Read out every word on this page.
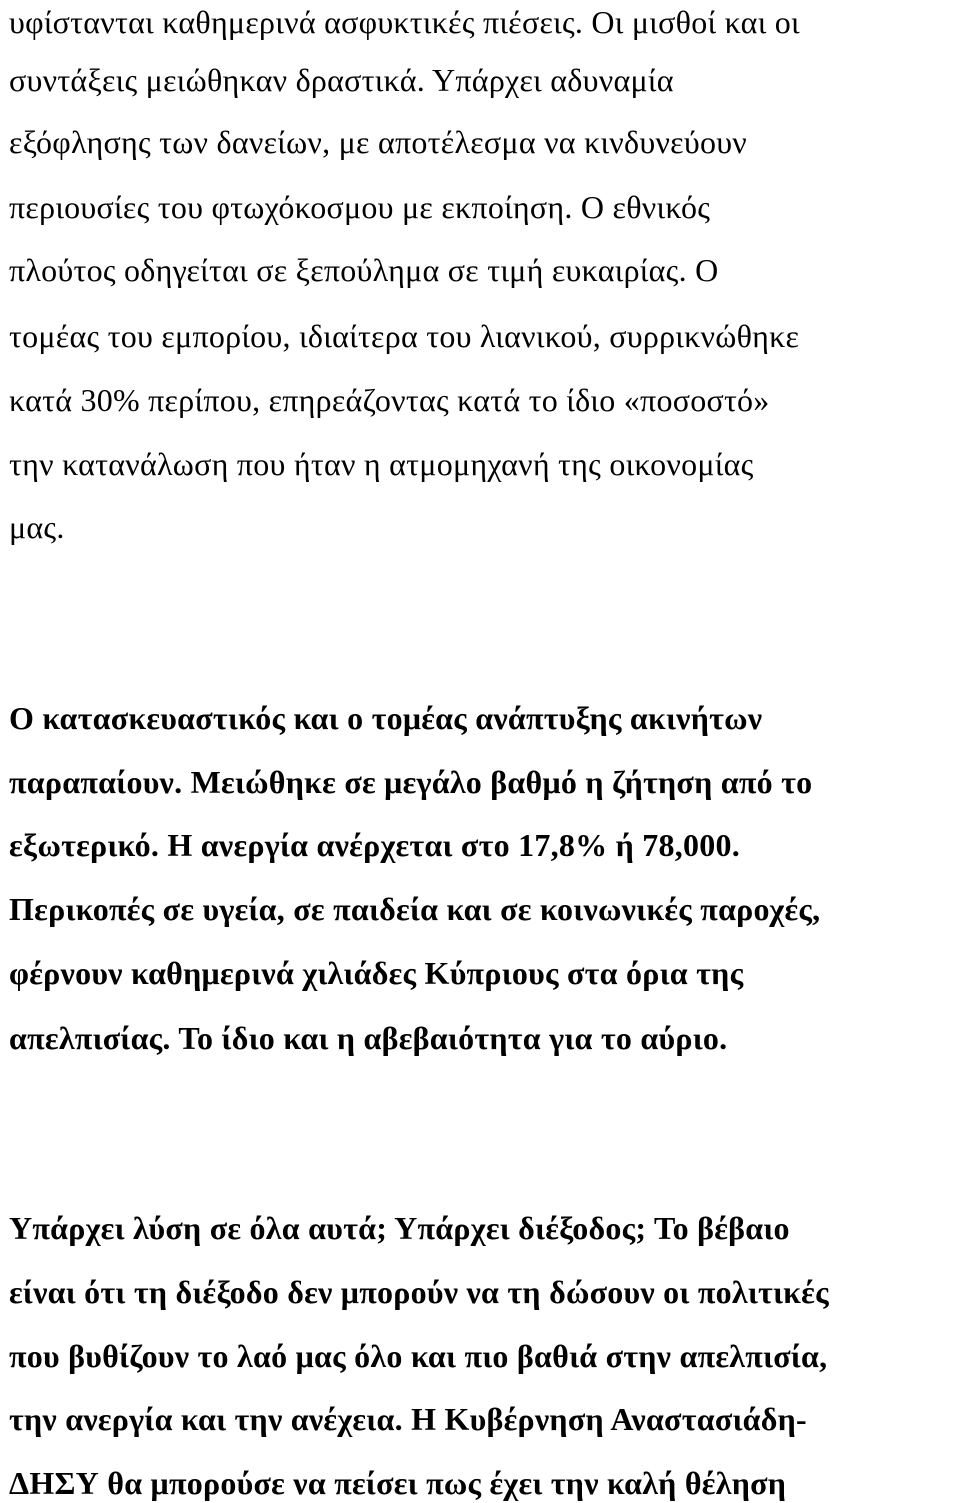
υφίστανται καθημερινά ασφυκτικές πιέσεις. Οι μισθοί και οι

συντάξεις μειώθηκαν δραστικά. Υπάρχει αδυναμία

εξόφλησης των δανείων, με αποτέλεσμα να κινδυνεύουν

περιουσίες του φτωχόκοσμου με εκποίηση. Ο εθνικός

πλούτος οδηγείται σε ξεπούλημα σε τιμή ευκαιρίας. Ο

τομέας του εμπορίου, ιδιαίτερα του λιανικού, συρρικνώθηκε

κατά 30% περίπου, επηρεάζοντας κατά το ίδιο «ποσοστό»

την κατανάλωση που ήταν η ατμομηχανή της οικονομίας

μας.

Ο κατασκευαστικός και ο τομέας ανάπτυξης ακινήτων

παραπαίουν. Μειώθηκε σε μεγάλο βαθμό η ζήτηση από το

εξωτερικό. Η ανεργία ανέρχεται στο 17,8% ή 78,000.

Περικοπές σε υγεία, σε παιδεία και σε κοινωνικές παροχές,

φέρνουν καθημερινά χιλιάδες Κύπριους στα όρια της

απελπισίας. Το ίδιο και η αβεβαιότητα για το αύριο.

Υπάρχει λύση σε όλα αυτά; Υπάρχει διέξοδος; Το βέβαιο

είναι ότι τη διέξοδο δεν μπορούν να τη δώσουν οι πολιτικές

που βυθίζουν το λαό μας όλο και πιο βαθιά στην απελπισία,

την ανεργία και την ανέχεια. Η Κυβέρνηση Αναστασιάδη-

ΔΗΣΥ θα μπορούσε να πείσει πως έχει την καλή θέληση
